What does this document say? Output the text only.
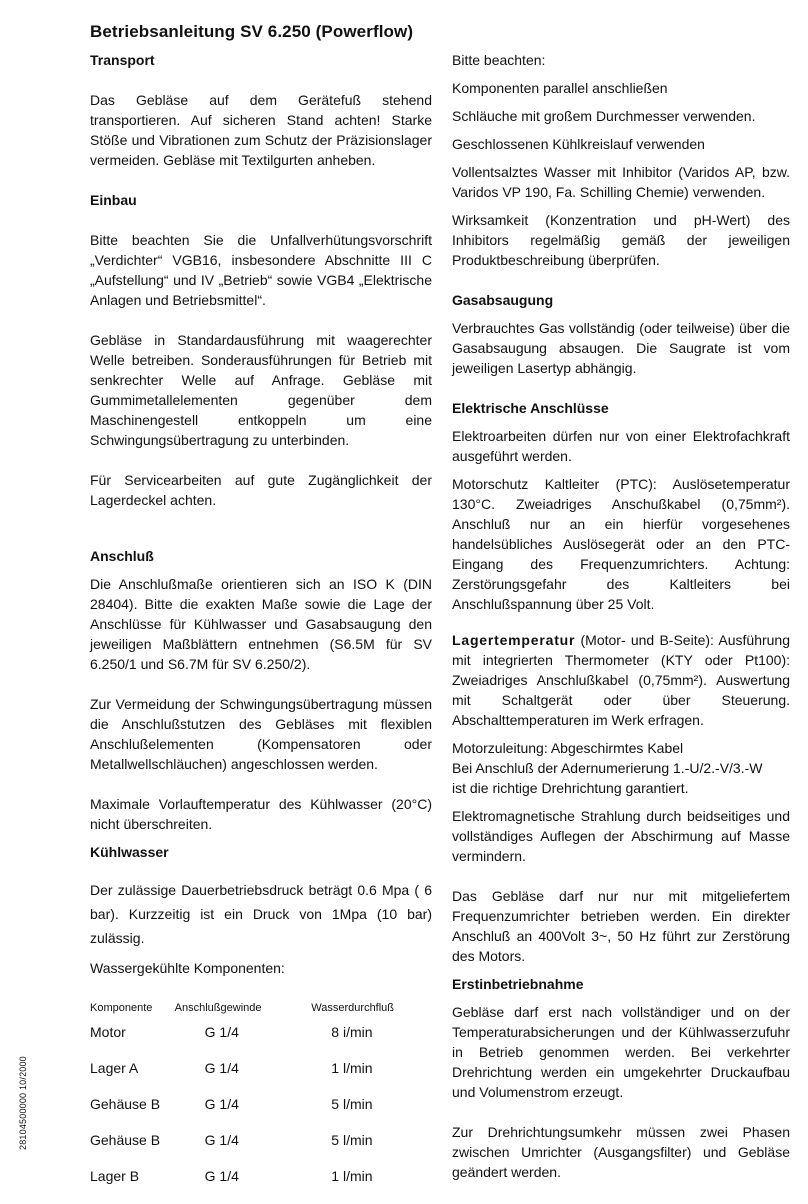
Betriebsanleitung SV 6.250 (Powerflow)
Transport

Das Gebläse auf dem Gerätefuß stehend transportieren. Auf sicheren Stand achten! Starke Stöße und Vibrationen zum Schutz der Präzisionslager vermeiden. Gebläse mit Textilgurten anheben.

Einbau

Bitte beachten Sie die Unfallverhütungsvorschrift „Verdichter“ VGB16, insbesondere Abschnitte III C „Aufstellung“ und IV „Betrieb“ sowie VGB4 „Elektrische Anlagen und Betriebsmittel“.

Gebläse in Standardausführung mit waagerechter Welle betreiben. Sonderausführungen für Betrieb mit senkrechter Welle auf Anfrage. Gebläse mit Gummimetallelementen gegenüber dem Maschinengestell entkoppeln um eine Schwingungsübertragung zu unterbinden.

Für Servicearbeiten auf gute Zugänglichkeit der Lagerdeckel achten.

Anschluß

Die Anschlußmaße orientieren sich an ISO K (DIN 28404). Bitte die exakten Maße sowie die Lage der Anschlüsse für Kühlwasser und Gasabsaugung den jeweiligen Maßblättern entnehmen (S6.5M für SV 6.250/1 und S6.7M für SV 6.250/2).

Zur Vermeidung der Schwingungsübertragung müssen die Anschlußstutzen des Gebläses mit flexiblen Anschlußelementen (Kompensatoren oder Metallwellschläuchen) angeschlossen werden.

Maximale Vorlauftemperatur des Kühlwasser (20°C) nicht überschreiten.

Kühlwasser

Der zulässige Dauerbetriebsdruck beträgt 0.6 Mpa ( 6 bar). Kurzzeitig ist ein Druck von 1Mpa (10 bar) zulässig.

Wassergekühlte Komponenten:

Komponente	Anschlußgewinde	Wasserdurchfluß
Motor	G 1/4	8 i/min
Lager A	G 1/4	1 l/min
Gehäuse B	G 1/4	5 l/min
Gehäuse B	G 1/4	5 l/min
Lager B	G 1/4	1 l/min

Bitte beachten:

Komponenten parallel anschließen

Schläuche mit großem Durchmesser verwenden.

Geschlossenen Kühlkreislauf verwenden

Vollentsalztes Wasser mit Inhibitor (Varidos AP, bzw. Varidos VP 190, Fa. Schilling Chemie) verwenden.

Wirksamkeit (Konzentration und pH-Wert) des Inhibitors regelmäßig gemäß der jeweiligen Produktbeschreibung überprüfen.

Gasabsaugung

Verbrauchtes Gas vollständig (oder teilweise) über die Gasabsaugung absaugen. Die Saugrate ist vom jeweiligen Lasertyp abhängig.

Elektrische Anschlüsse

Elektroarbeiten dürfen nur von einer Elektrofachkraft ausgeführt werden.

Motorschutz Kaltleiter (PTC): Auslösetemperatur 130°C. Zweiadriges Anschußkabel (0,75mm²). Anschluß nur an ein hierfür vorgesehenes handelsübliches Auslösegerät oder an den PTC-Eingang des Frequenzumrichters. Achtung: Zerstörungsgefahr des Kaltleiters bei Anschlußspannung über 25 Volt.

Lagertemperatur (Motor- und B-Seite): Ausführung mit integrierten Thermometer (KTY oder Pt100): Zweiadriges Anschlußkabel (0,75mm²). Auswertung mit Schaltgerät oder über Steuerung. Abschalttemperaturen im Werk erfragen.

Motorzuleitung: Abgeschirmtes Kabel

Bei Anschluß der Adernumerierung 1.-U/2.-V/3.-W

ist die richtige Drehrichtung garantiert.

Elektromagnetische Strahlung durch beidseitiges und vollständiges Auflegen der Abschirmung auf Masse vermindern.

Das Gebläse darf nur nur mit mitgeliefertem Frequenzumrichter betrieben werden. Ein direkter Anschluß an 400Volt 3~, 50 Hz führt zur Zerstörung des Motors.

Erstinbetriebnahme

Gebläse darf erst nach vollständiger und on der Temperaturabsicherungen und der Kühlwasserzufuhr in Betrieb genommen werden. Bei verkehrter Drehrichtung werden ein umgekehrter Druckaufbau und Volumenstrom erzeugt.

Zur Drehrichtungsumkehr müssen zwei Phasen zwischen Umrichter (Ausgangsfilter) und Gebläse geändert werden.

28104500000 10/2000
